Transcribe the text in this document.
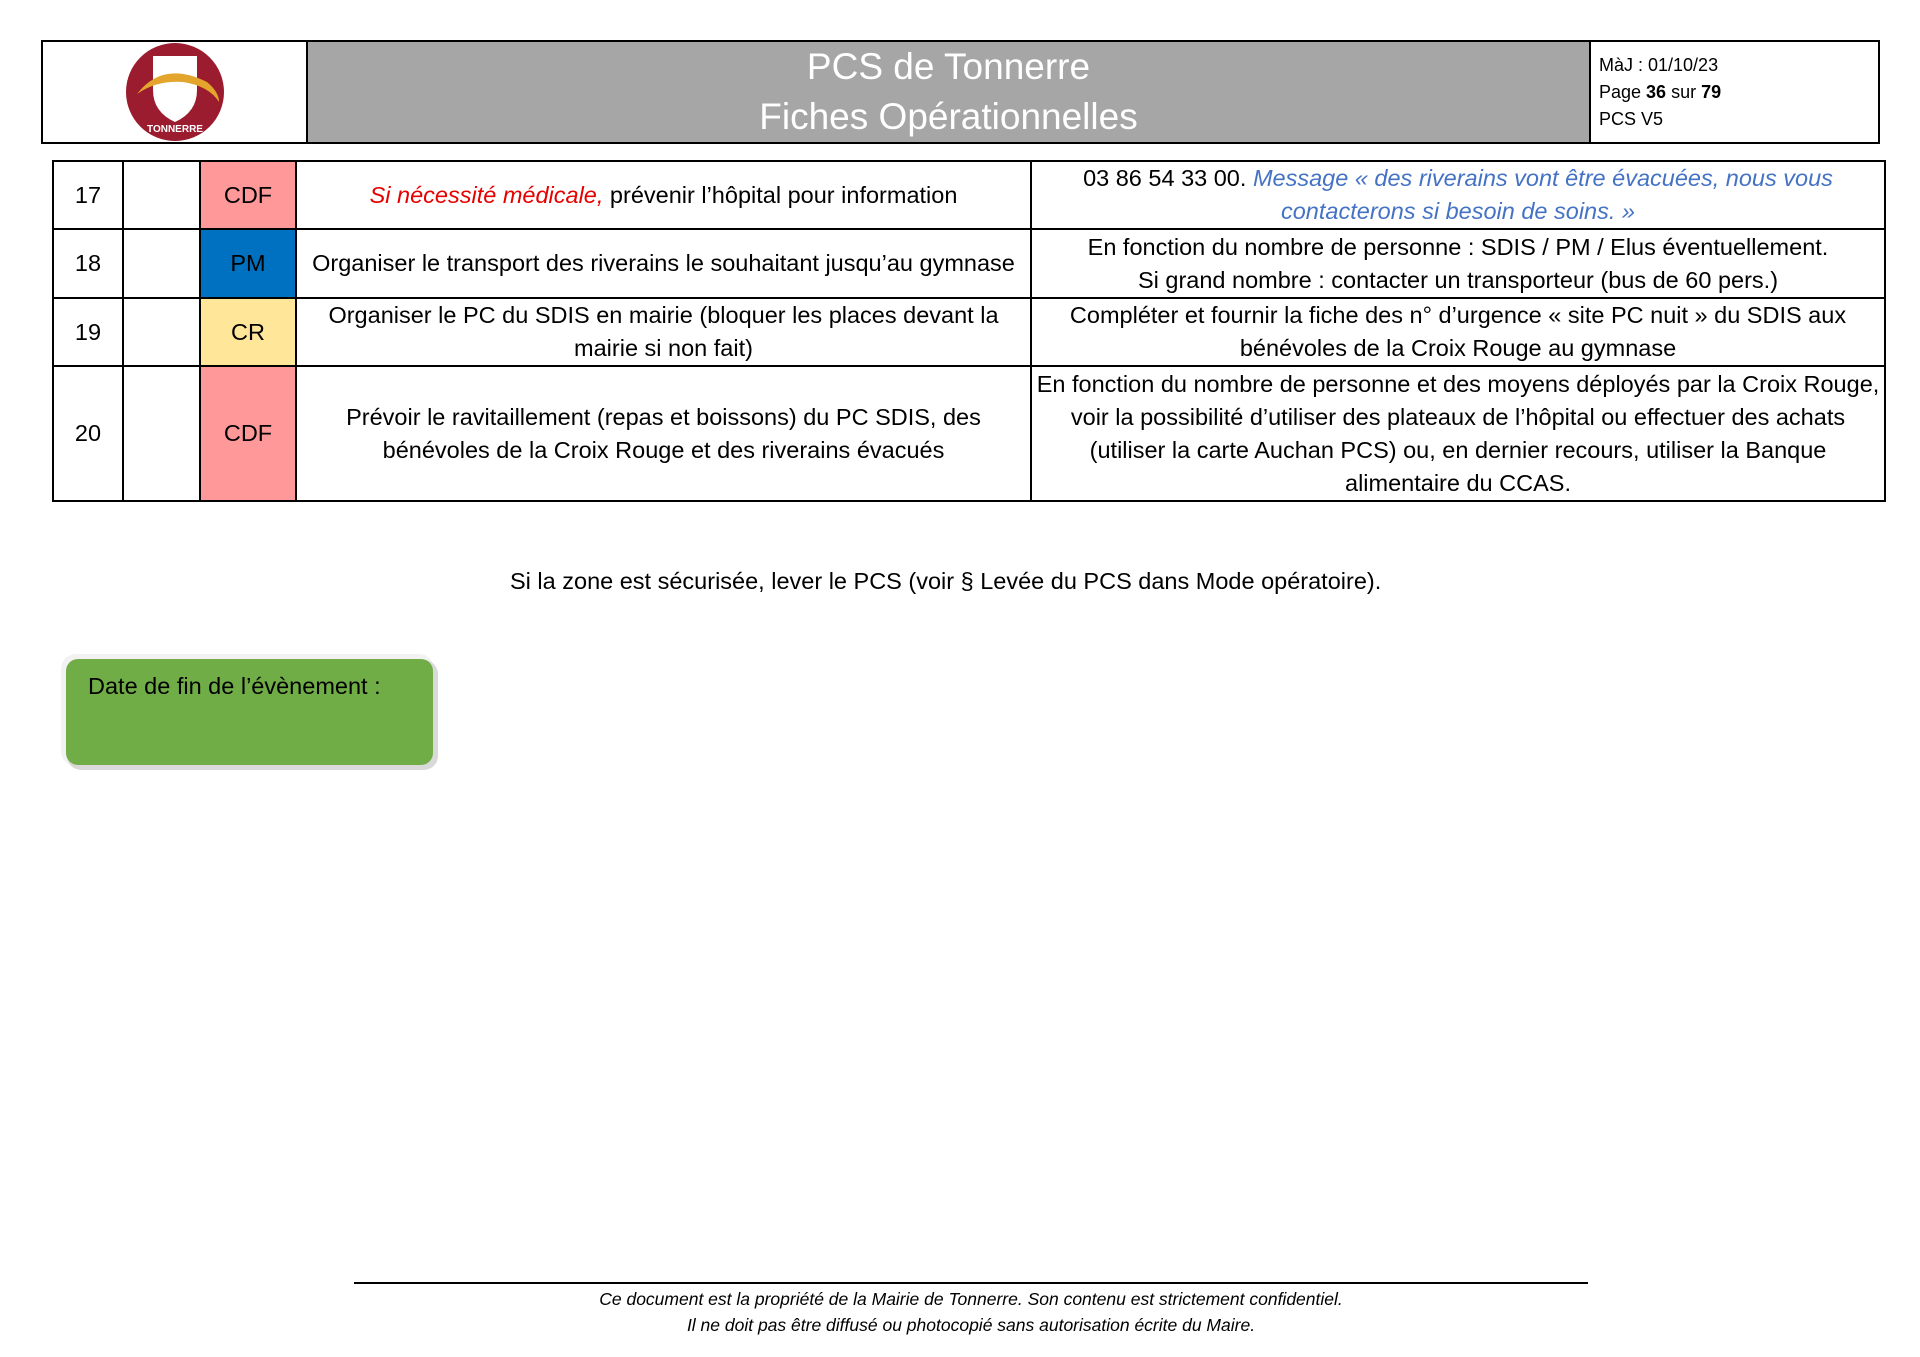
TONNERRE
PCS de Tonnerre
Fiches Opérationnelles
MàJ : 01/10/23
Page 36 sur 79
PCS V5
17		CDF	Si nécessité médicale, prévenir l’hôpital pour information	03 86 54 33 00. Message « des riverains vont être évacuées, nous vous contacterons si besoin de soins. »
18		PM	Organiser le transport des riverains le souhaitant jusqu’au gymnase	En fonction du nombre de personne : SDIS / PM / Elus éventuellement.
Si grand nombre : contacter un transporteur (bus de 60 pers.)

19		CR	Organiser le PC du SDIS en mairie (bloquer les places devant la mairie si non fait)	Compléter et fournir la fiche des n° d’urgence « site PC nuit » du SDIS aux bénévoles de la Croix Rouge au gymnase
20		CDF	Prévoir le ravitaillement (repas et boissons) du PC SDIS, des bénévoles de la Croix Rouge et des riverains évacués	En fonction du nombre de personne et des moyens déployés par la Croix Rouge, voir la possibilité d’utiliser des plateaux de l’hôpital ou effectuer des achats (utiliser la carte Auchan PCS) ou, en dernier recours, utiliser la Banque alimentaire du CCAS.
Si la zone est sécurisée, lever le PCS (voir § Levée du PCS dans Mode opératoire).
Date de fin de l’évènement :
Ce document est la propriété de la Mairie de Tonnerre. Son contenu est strictement confidentiel.
Il ne doit pas être diffusé ou photocopié sans autorisation écrite du Maire.
